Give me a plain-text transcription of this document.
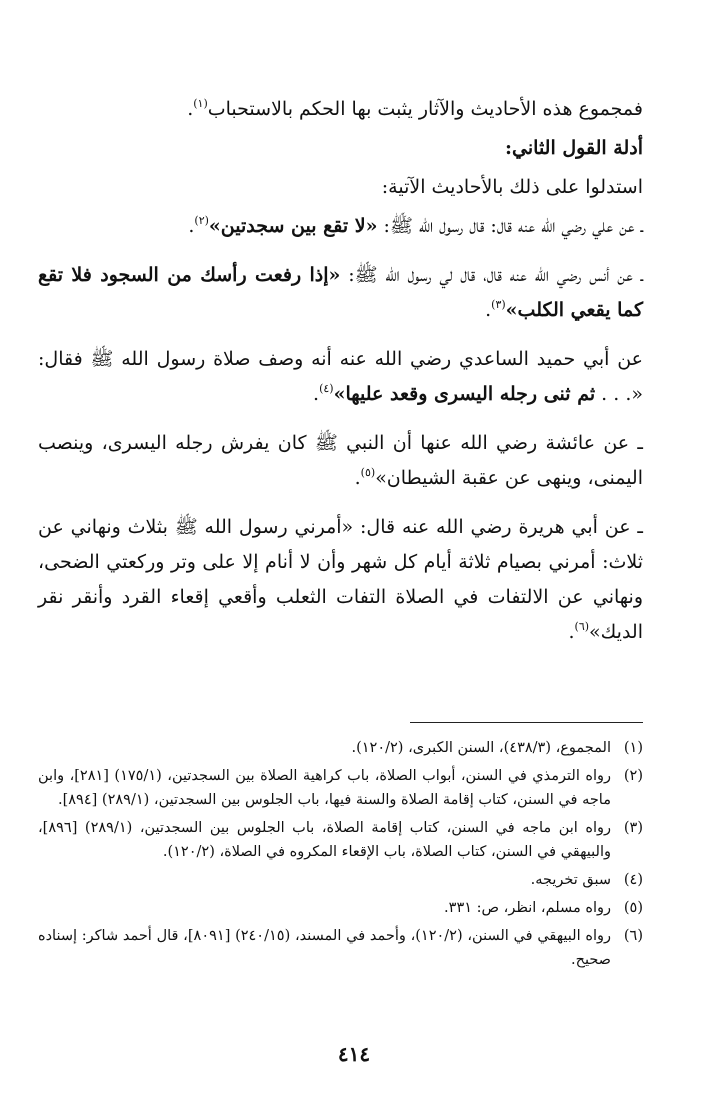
فمجموع هذه الأحاديث والآثار يثبت بها الحكم بالاستحباب$^{(١)}$.

أدلة القول الثاني:

استدلوا على ذلك بالأحاديث الآتية:

ـ عن علي رضي الله عنه قال: قال رسول الله ﷺ: «لا تقع بين سجدتين»$^{(٢)}$.

ـ عن أنس رضي الله عنه قال، قال لي رسول الله ﷺ: «إذا رفعت رأسك من السجود فلا تقع كما يقعي الكلب»$^{(٣)}$.

عن أبي حميد الساعدي رضي الله عنه أنه وصف صلاة رسول الله ﷺ فقال: «. . . ثم ثنى رجله اليسرى وقعد عليها»$^{(٤)}$.

ـ عن عائشة رضي الله عنها أن النبي ﷺ كان يفرش رجله اليسرى، وينصب اليمنى، وينهى عن عقبة الشيطان»$^{(٥)}$.

ـ عن أبي هريرة رضي الله عنه قال: «أمرني رسول الله ﷺ بثلاث ونهاني عن ثلاث: أمرني بصيام ثلاثة أيام كل شهر وأن لا أنام إلا على وتر وركعتي الضحى، ونهاني عن الالتفات في الصلاة التفات الثعلب وأقعي إقعاء القرد وأنقر نقر الديك»$^{(٦)}$.

(١)
المجموع، (٤٣٨/٣)، السنن الكبرى، (١٢٠/٢).
(٢)
رواه الترمذي في السنن، أبواب الصلاة، باب كراهية الصلاة بين السجدتين، (١٧٥/١) [٢٨١]، وابن ماجه في السنن، كتاب إقامة الصلاة والسنة فيها، باب الجلوس بين السجدتين، (٢٨٩/١) [٨٩٤].
(٣)
رواه ابن ماجه في السنن، كتاب إقامة الصلاة، باب الجلوس بين السجدتين، (٢٨٩/١) [٨٩٦]، والبيهقي في السنن، كتاب الصلاة، باب الإقعاء المكروه في الصلاة، (١٢٠/٢).
(٤)
سبق تخريجه.
(٥)
رواه مسلم، انظر، ص: ٣٣١.
(٦)
رواه البيهقي في السنن، (١٢٠/٢)، وأحمد في المسند، (٢٤٠/١٥) [٨٠٩١]، قال أحمد شاكر: إسناده صحيح.
٤١٤
